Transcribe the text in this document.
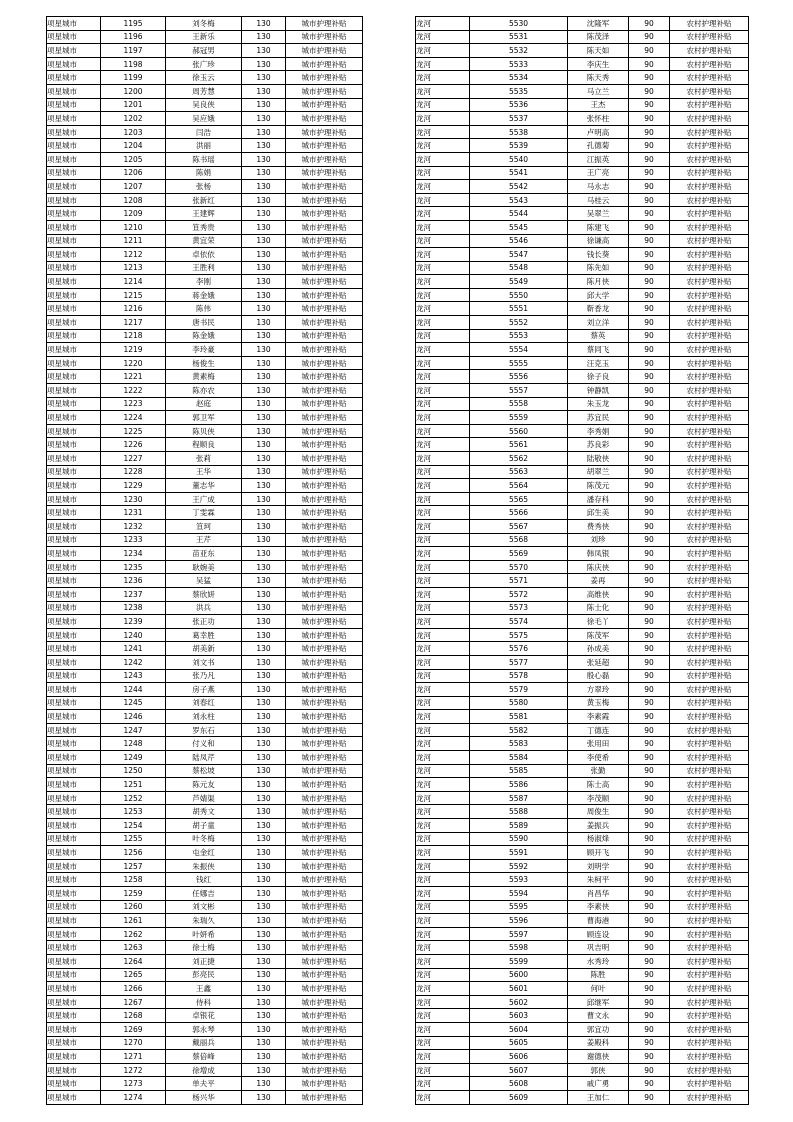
项星城市	1195	刘冬梅	130	城市护理补贴
项星城市	1196	王新乐	130	城市护理补贴
项星城市	1197	郝冠男	130	城市护理补贴
项星城市	1198	张广珍	130	城市护理补贴
项星城市	1199	徐玉云	130	城市护理补贴
项星城市	1200	周芳慧	130	城市护理补贴
项星城市	1201	吴良侠	130	城市护理补贴
项星城市	1202	吴应娥	130	城市护理补贴
项星城市	1203	闫浩	130	城市护理补贴
项星城市	1204	洪丽	130	城市护理补贴
项星城市	1205	陈书瑶	130	城市护理补贴
项星城市	1206	陈娟	130	城市护理补贴
项星城市	1207	张杨	130	城市护理补贴
项星城市	1208	张新红	130	城市护理补贴
项星城市	1209	王建辉	130	城市护理补贴
项星城市	1210	笪秀贵	130	城市护理补贴
项星城市	1211	黄宜荣	130	城市护理补贴
项星城市	1212	卓依依	130	城市护理补贴
项星城市	1213	王胜利	130	城市护理补贴
项星城市	1214	李刚	130	城市护理补贴
项星城市	1215	蒋金娥	130	城市护理补贴
项星城市	1216	陈伟	130	城市护理补贴
项星城市	1217	唐书民	130	城市护理补贴
项星城市	1218	陈金娥	130	城市护理补贴
项星城市	1219	李玲豪	130	城市护理补贴
项星城市	1220	杨俊生	130	城市护理补贴
项星城市	1221	黄素梅	130	城市护理补贴
项星城市	1222	陈亦农	130	城市护理补贴
项星城市	1223	赵庭	130	城市护理补贴
项星城市	1224	郭卫军	130	城市护理补贴
项星城市	1225	陈贝侠	130	城市护理补贴
项星城市	1226	程顺良	130	城市护理补贴
项星城市	1227	张莉	130	城市护理补贴
项星城市	1228	王华	130	城市护理补贴
项星城市	1229	董志华	130	城市护理补贴
项星城市	1230	王广成	130	城市护理补贴
项星城市	1231	丁雯霖	130	城市护理补贴
项星城市	1232	笪珂	130	城市护理补贴
项星城市	1233	王芹	130	城市护理补贴
项星城市	1234	苗亚东	130	城市护理补贴
项星城市	1235	耿婉美	130	城市护理补贴
项星城市	1236	吴猛	130	城市护理补贴
项星城市	1237	蔡欣妍	130	城市护理补贴
项星城市	1238	洪兵	130	城市护理补贴
项星城市	1239	张正功	130	城市护理补贴
项星城市	1240	葛幸胜	130	城市护理补贴
项星城市	1241	胡美新	130	城市护理补贴
项星城市	1242	刘文书	130	城市护理补贴
项星城市	1243	张乃凡	130	城市护理补贴
项星城市	1244	房子燕	130	城市护理补贴
项星城市	1245	刘春红	130	城市护理补贴
项星城市	1246	刘永柱	130	城市护理补贴
项星城市	1247	罗东石	130	城市护理补贴
项星城市	1248	付义和	130	城市护理补贴
项星城市	1249	陆凤芹	130	城市护理补贴
项星城市	1250	蔡松坡	130	城市护理补贴
项星城市	1251	陈元友	130	城市护理补贴
项星城市	1252	芦婧渠	130	城市护理补贴
项星城市	1253	胡秀文	130	城市护理补贴
项星城市	1254	胡子童	130	城市护理补贴
项星城市	1255	叶冬梅	130	城市护理补贴
项星城市	1256	屯金红	130	城市护理补贴
项星城市	1257	朱振侠	130	城市护理补贴
项星城市	1258	钱红	130	城市护理补贴
项星城市	1259	任娜吉	130	城市护理补贴
项星城市	1260	刘文彬	130	城市护理补贴
项星城市	1261	朱瑞久	130	城市护理补贴
项星城市	1262	叶妍希	130	城市护理补贴
项星城市	1263	徐士梅	130	城市护理补贴
项星城市	1264	刘正捷	130	城市护理补贴
项星城市	1265	彭亮民	130	城市护理补贴
项星城市	1266	王鑫	130	城市护理补贴
项星城市	1267	侍科	130	城市护理补贴
项星城市	1268	卓银花	130	城市护理补贴
项星城市	1269	郭永琴	130	城市护理补贴
项星城市	1270	戴丽兵	130	城市护理补贴
项星城市	1271	蔡倍峰	130	城市护理补贴
项星城市	1272	徐增成	130	城市护理补贴
项星城市	1273	单夫平	130	城市护理补贴
项星城市	1274	杨兴华	130	城市护理补贴
龙河	5530	沈隆军	90	农村护理补贴
龙河	5531	陈茂泽	90	农村护理补贴
龙河	5532	陈天如	90	农村护理补贴
龙河	5533	李庆生	90	农村护理补贴
龙河	5534	陈天秀	90	农村护理补贴
龙河	5535	马立兰	90	农村护理补贴
龙河	5536	王杰	90	农村护理补贴
龙河	5537	张怀柱	90	农村护理补贴
龙河	5538	卢明高	90	农村护理补贴
龙河	5539	孔德菊	90	农村护理补贴
龙河	5540	江振英	90	农村护理补贴
龙河	5541	王广亮	90	农村护理补贴
龙河	5542	马永志	90	农村护理补贴
龙河	5543	马桂云	90	农村护理补贴
龙河	5544	吴翠兰	90	农村护理补贴
龙河	5545	陈建飞	90	农村护理补贴
龙河	5546	徐谦高	90	农村护理补贴
龙河	5547	钱长葵	90	农村护理补贴
龙河	5548	陈先如	90	农村护理补贴
龙河	5549	陈月侠	90	农村护理补贴
龙河	5550	邱大学	90	农村护理补贴
龙河	5551	靳香龙	90	农村护理补贴
龙河	5552	刘立洋	90	农村护理补贴
龙河	5553	蔡英	90	农村护理补贴
龙河	5554	蔡同飞	90	农村护理补贴
龙河	5555	汪克玉	90	农村护理补贴
龙河	5556	徐子良	90	农村护理补贴
龙河	5557	钟静凯	90	农村护理补贴
龙河	5558	朱玉龙	90	农村护理补贴
龙河	5559	苏宜民	90	农村护理补贴
龙河	5560	李秀娟	90	农村护理补贴
龙河	5561	苏良彩	90	农村护理补贴
龙河	5562	陆敬侠	90	农村护理补贴
龙河	5563	胡翠兰	90	农村护理补贴
龙河	5564	陈茂元	90	农村护理补贴
龙河	5565	潘存科	90	农村护理补贴
龙河	5566	邱生美	90	农村护理补贴
龙河	5567	费秀侠	90	农村护理补贴
龙河	5568	刘珍	90	农村护理补贴
龙河	5569	韩凤银	90	农村护理补贴
龙河	5570	陈庆侠	90	农村护理补贴
龙河	5571	姜再	90	农村护理补贴
龙河	5572	高维侠	90	农村护理补贴
龙河	5573	陈士化	90	农村护理补贴
龙河	5574	徐毛丫	90	农村护理补贴
龙河	5575	陈茂军	90	农村护理补贴
龙河	5576	孙成美	90	农村护理补贴
龙河	5577	张延超	90	农村护理补贴
龙河	5578	殷心磊	90	农村护理补贴
龙河	5579	方翠玲	90	农村护理补贴
龙河	5580	黄玉梅	90	农村护理补贴
龙河	5581	李素霞	90	农村护理补贴
龙河	5582	丁德连	90	农村护理补贴
龙河	5583	张用田	90	农村护理补贴
龙河	5584	李使希	90	农村护理补贴
龙河	5585	张勤	90	农村护理补贴
龙河	5586	陈士高	90	农村护理补贴
龙河	5587	李茂顺	90	农村护理补贴
龙河	5588	周俊生	90	农村护理补贴
龙河	5589	姜振兵	90	农村护理补贴
龙河	5590	杨淑烽	90	农村护理补贴
龙河	5591	顾开飞	90	农村护理补贴
龙河	5592	刘明学	90	农村护理补贴
龙河	5593	朱柯平	90	农村护理补贴
龙河	5594	肖昌华	90	农村护理补贴
龙河	5595	李素侠	90	农村护理补贴
龙河	5596	曹海港	90	农村护理补贴
龙河	5597	顾连设	90	农村护理补贴
龙河	5598	巩吉明	90	农村护理补贴
龙河	5599	水秀玲	90	农村护理补贴
龙河	5600	陈胜	90	农村护理补贴
龙河	5601	何叶	90	农村护理补贴
龙河	5602	邱继军	90	农村护理补贴
龙河	5603	曹文永	90	农村护理补贴
龙河	5604	郭宜功	90	农村护理补贴
龙河	5605	姜殿科	90	农村护理补贴
龙河	5606	谢德侠	90	农村护理补贴
龙河	5607	郭侠	90	农村护理补贴
龙河	5608	戚广勇	90	农村护理补贴
龙河	5609	王加仁	90	农村护理补贴
